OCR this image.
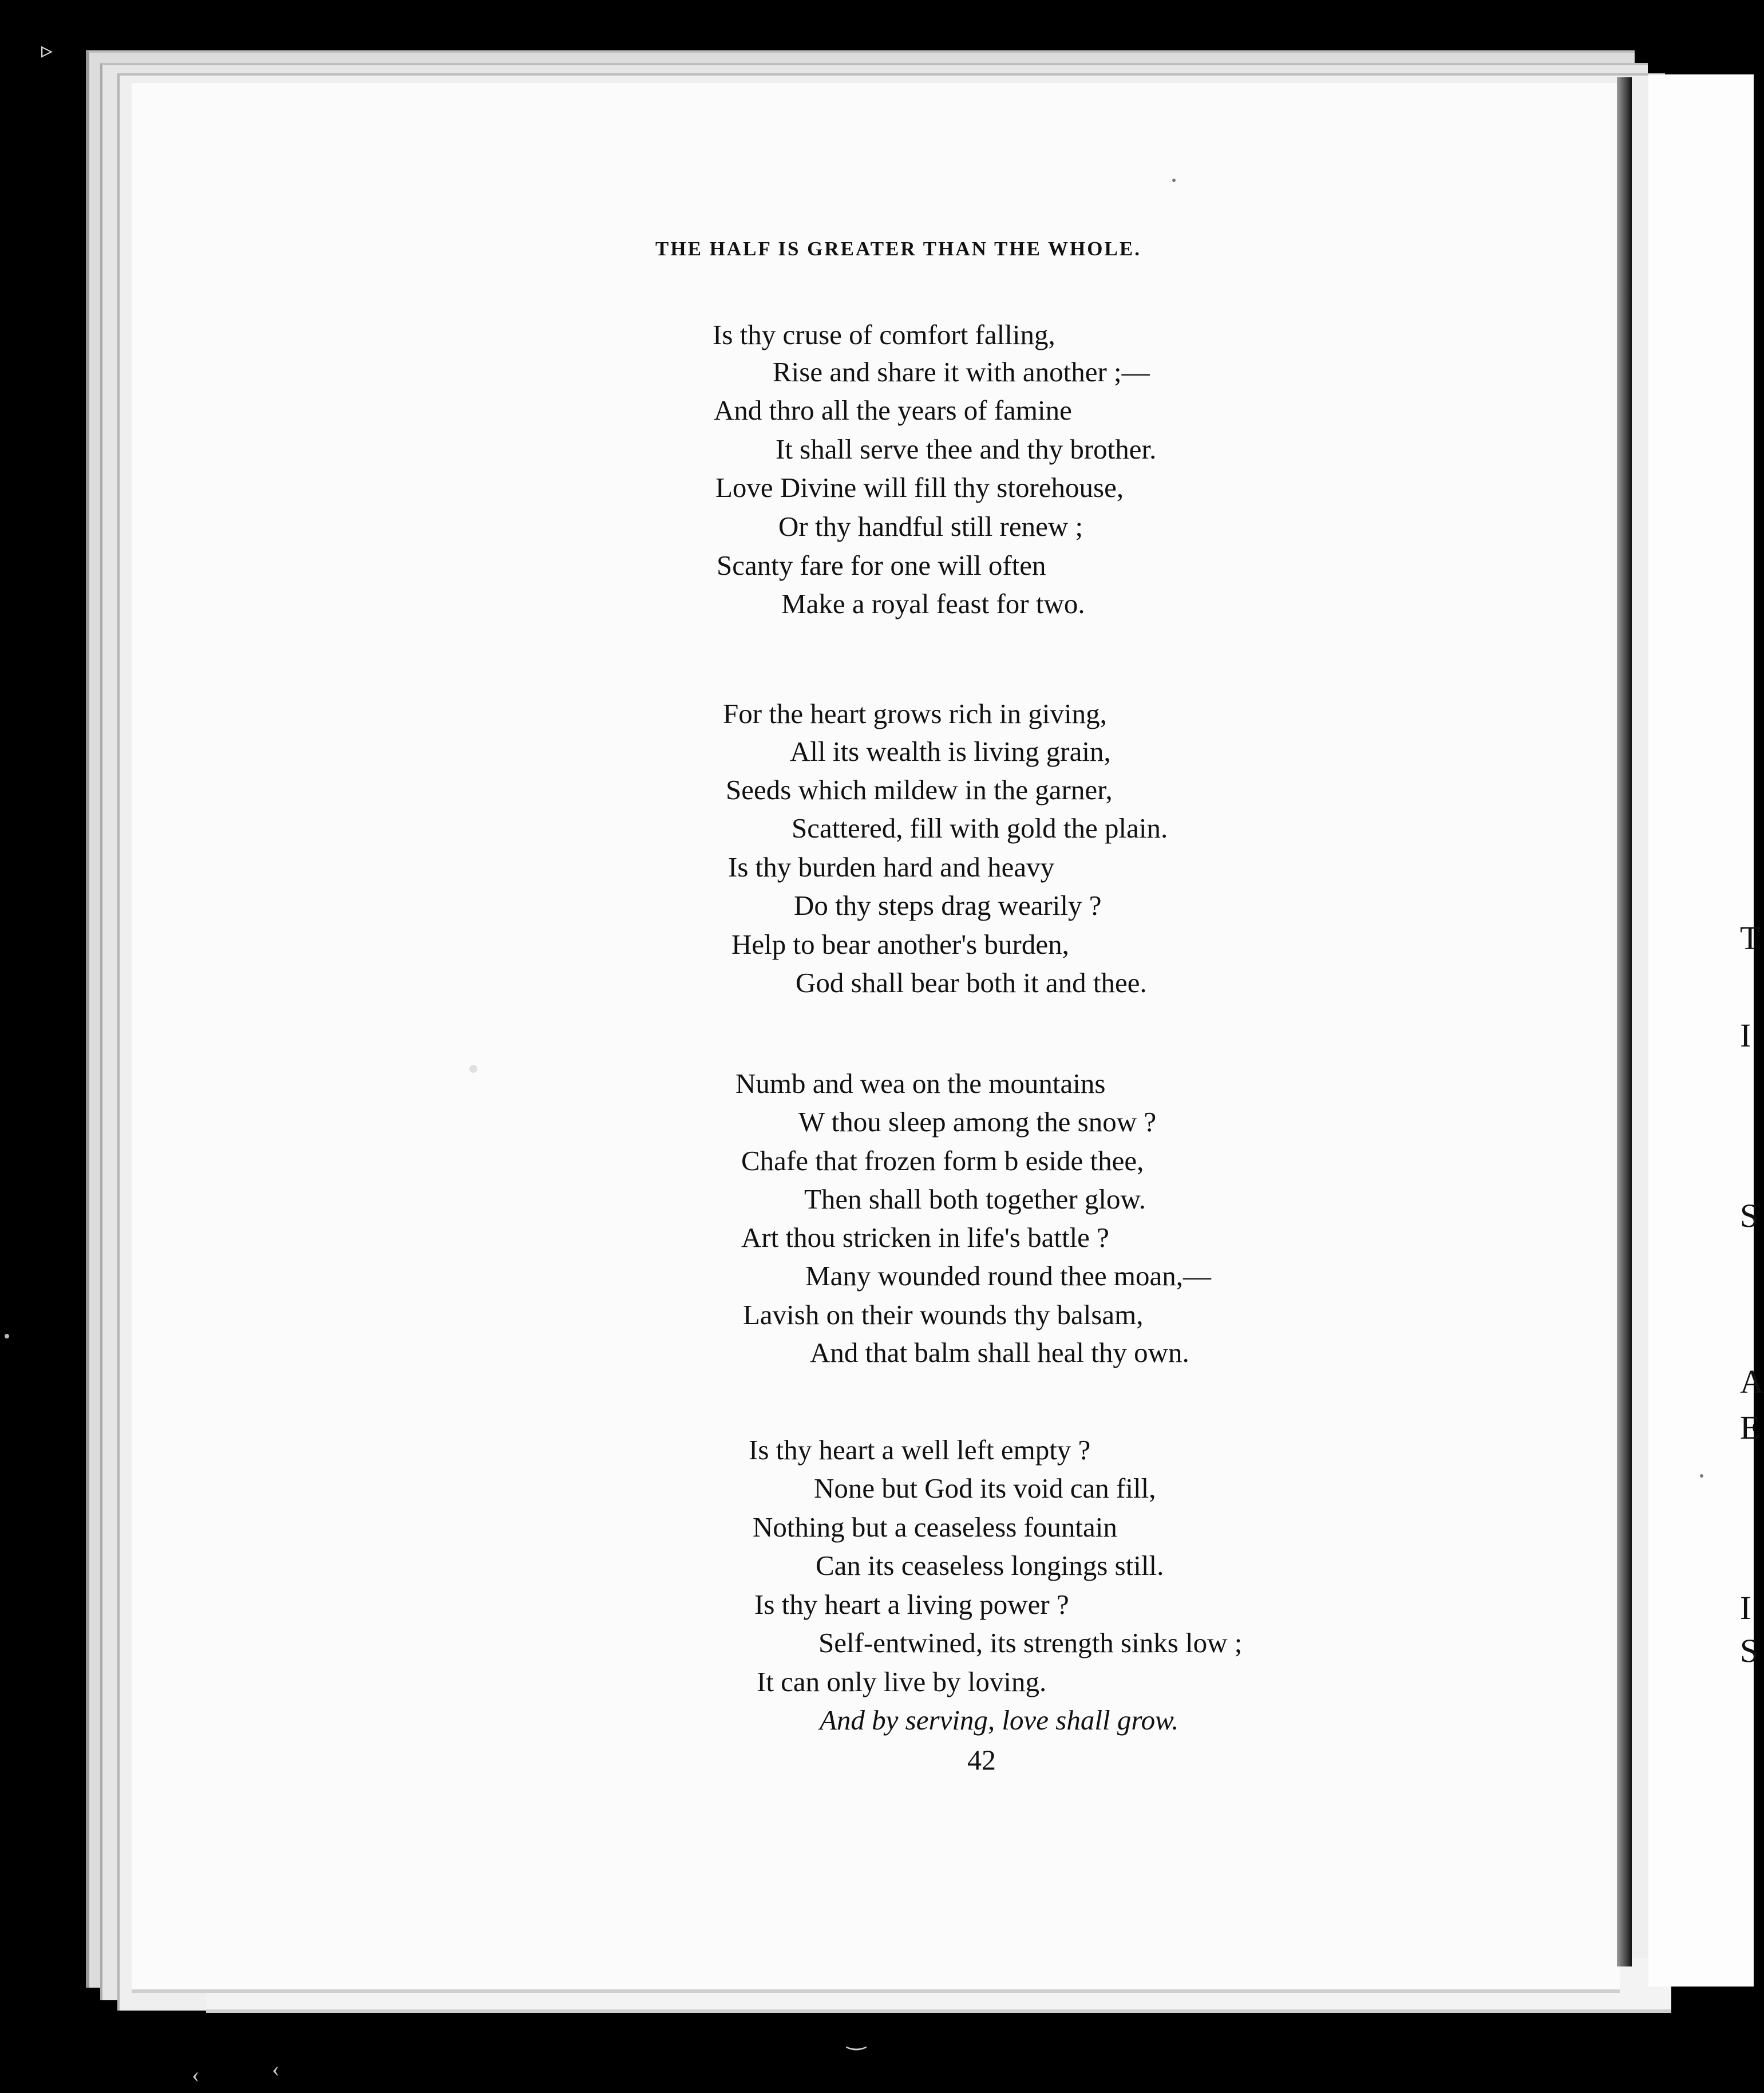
T
I
S
A
E
I
S
THE HALF IS GREATER THAN THE WHOLE.
Is thy cruse of comfort falling,
Rise and share it with another ;—
And thro all the years of famine
It shall serve thee and thy brother.
Love Divine will fill thy storehouse,
Or thy handful still renew ;
Scanty fare for one will often
Make a royal feast for two.
For the heart grows rich in giving,
All its wealth is living grain,
Seeds which mildew in the garner,
Scattered, fill with gold the plain.
Is thy burden hard and heavy
Do thy steps drag wearily ?
Help to bear another's burden,
God shall bear both it and thee.
Numb and wea on the mountains
W thou sleep among the snow ?
Chafe that frozen form b eside thee,
Then shall both together glow.
Art thou stricken in life's battle ?
Many wounded round thee moan,—
Lavish on their wounds thy balsam,
And that balm shall heal thy own.
Is thy heart a well left empty ?
None but God its void can fill,
Nothing but a ceaseless fountain
Can its ceaseless longings still.
Is thy heart a living power ?
Self-entwined, its strength sinks low ;
It can only live by loving.
And by serving, love shall grow.
42
▹
‿
‹	‹
